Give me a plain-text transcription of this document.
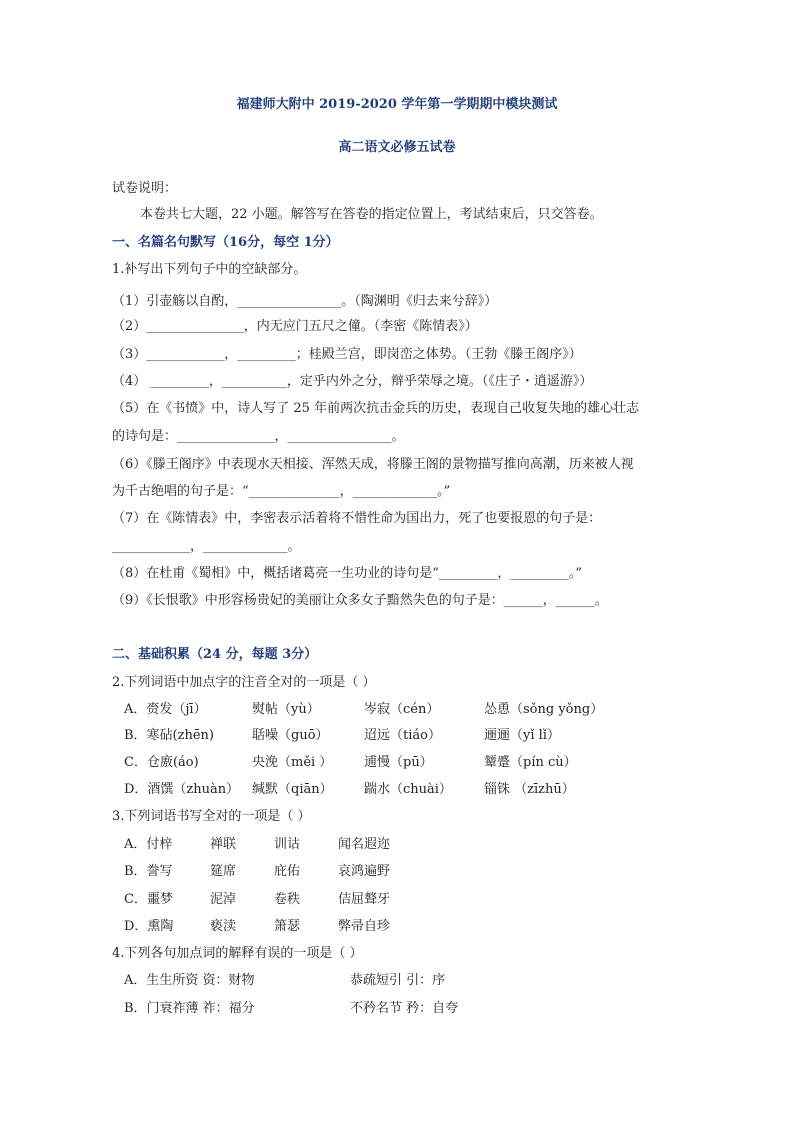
福建师大附中 2019-2020 学年第一学期期中模块测试
高二语文必修五试卷
试卷说明：
本卷共七大题，22 小题。解答写在答卷的指定位置上，考试结束后，只交答卷。
一、名篇名句默写（16分，每空 1分）
1.补写出下列句子中的空缺部分。
（1）引壶觞以自酌，________________。（陶渊明《归去来兮辞》）
（2）_______________，内无应门五尺之僮。（李密《陈情表》）
（3）____________，_________；桂殿兰宫，即岗峦之体势。（王勃《滕王阁序》）
（4） _________，__________，定乎内外之分，辩乎荣辱之境。（《庄子・逍遥游》）
（5）在《书愤》中，诗人写了 25 年前两次抗击金兵的历史，表现自己收复失地的雄心壮志
的诗句是：_______________，________________。
（6）《滕王阁序》中表现水天相接、浑然天成，将滕王阁的景物描写推向高潮，历来被人视
为千古绝唱的句子是：“______________，_____________。”
（7）在《陈情表》中，李密表示活着将不惜性命为国出力，死了也要报恩的句子是：
____________，_____________。
（8）在杜甫《蜀相》中，概括诸葛亮一生功业的诗句是“_________，_________。”
（9）《长恨歌》中形容杨贵妃的美丽让众多女子黯然失色的句子是：______，______。
二、基础积累（24 分，每题 3分）
2.下列词语中加点字的注音全对的一项是（ ）
A．赍发（jī）	熨帖（yù）	岑寂（cén）	怂恿（sǒng yǒng）
B．寒砧(zhēn)	聒噪（guō）	迢远（tiáo）	逦逦（yǐ lǐ）
C．仓廒(áo)	央浼（měi ） 逋慢（pū）	颦蹙（pín cù）
D．酒馔（zhuàn） 缄默（qiān） 踹水（chuài） 锱铢 （zīzhū）
3.下列词语书写全对的一项是（ ）
A．付梓	禅联	训诂	闻名遐迩
B．誊写	筵席	庇佑	哀鸿遍野
C．噩梦	泥淖	卷秩	佶屈聱牙
D．熏陶	亵渎	箫瑟	弊帚自珍
4.下列各句加点词的解释有误的一项是（ ）
A．生生所资 资：财物	恭疏短引 引：序
B．门衰祚薄 祚：福分	不矜名节 矜：自夸
